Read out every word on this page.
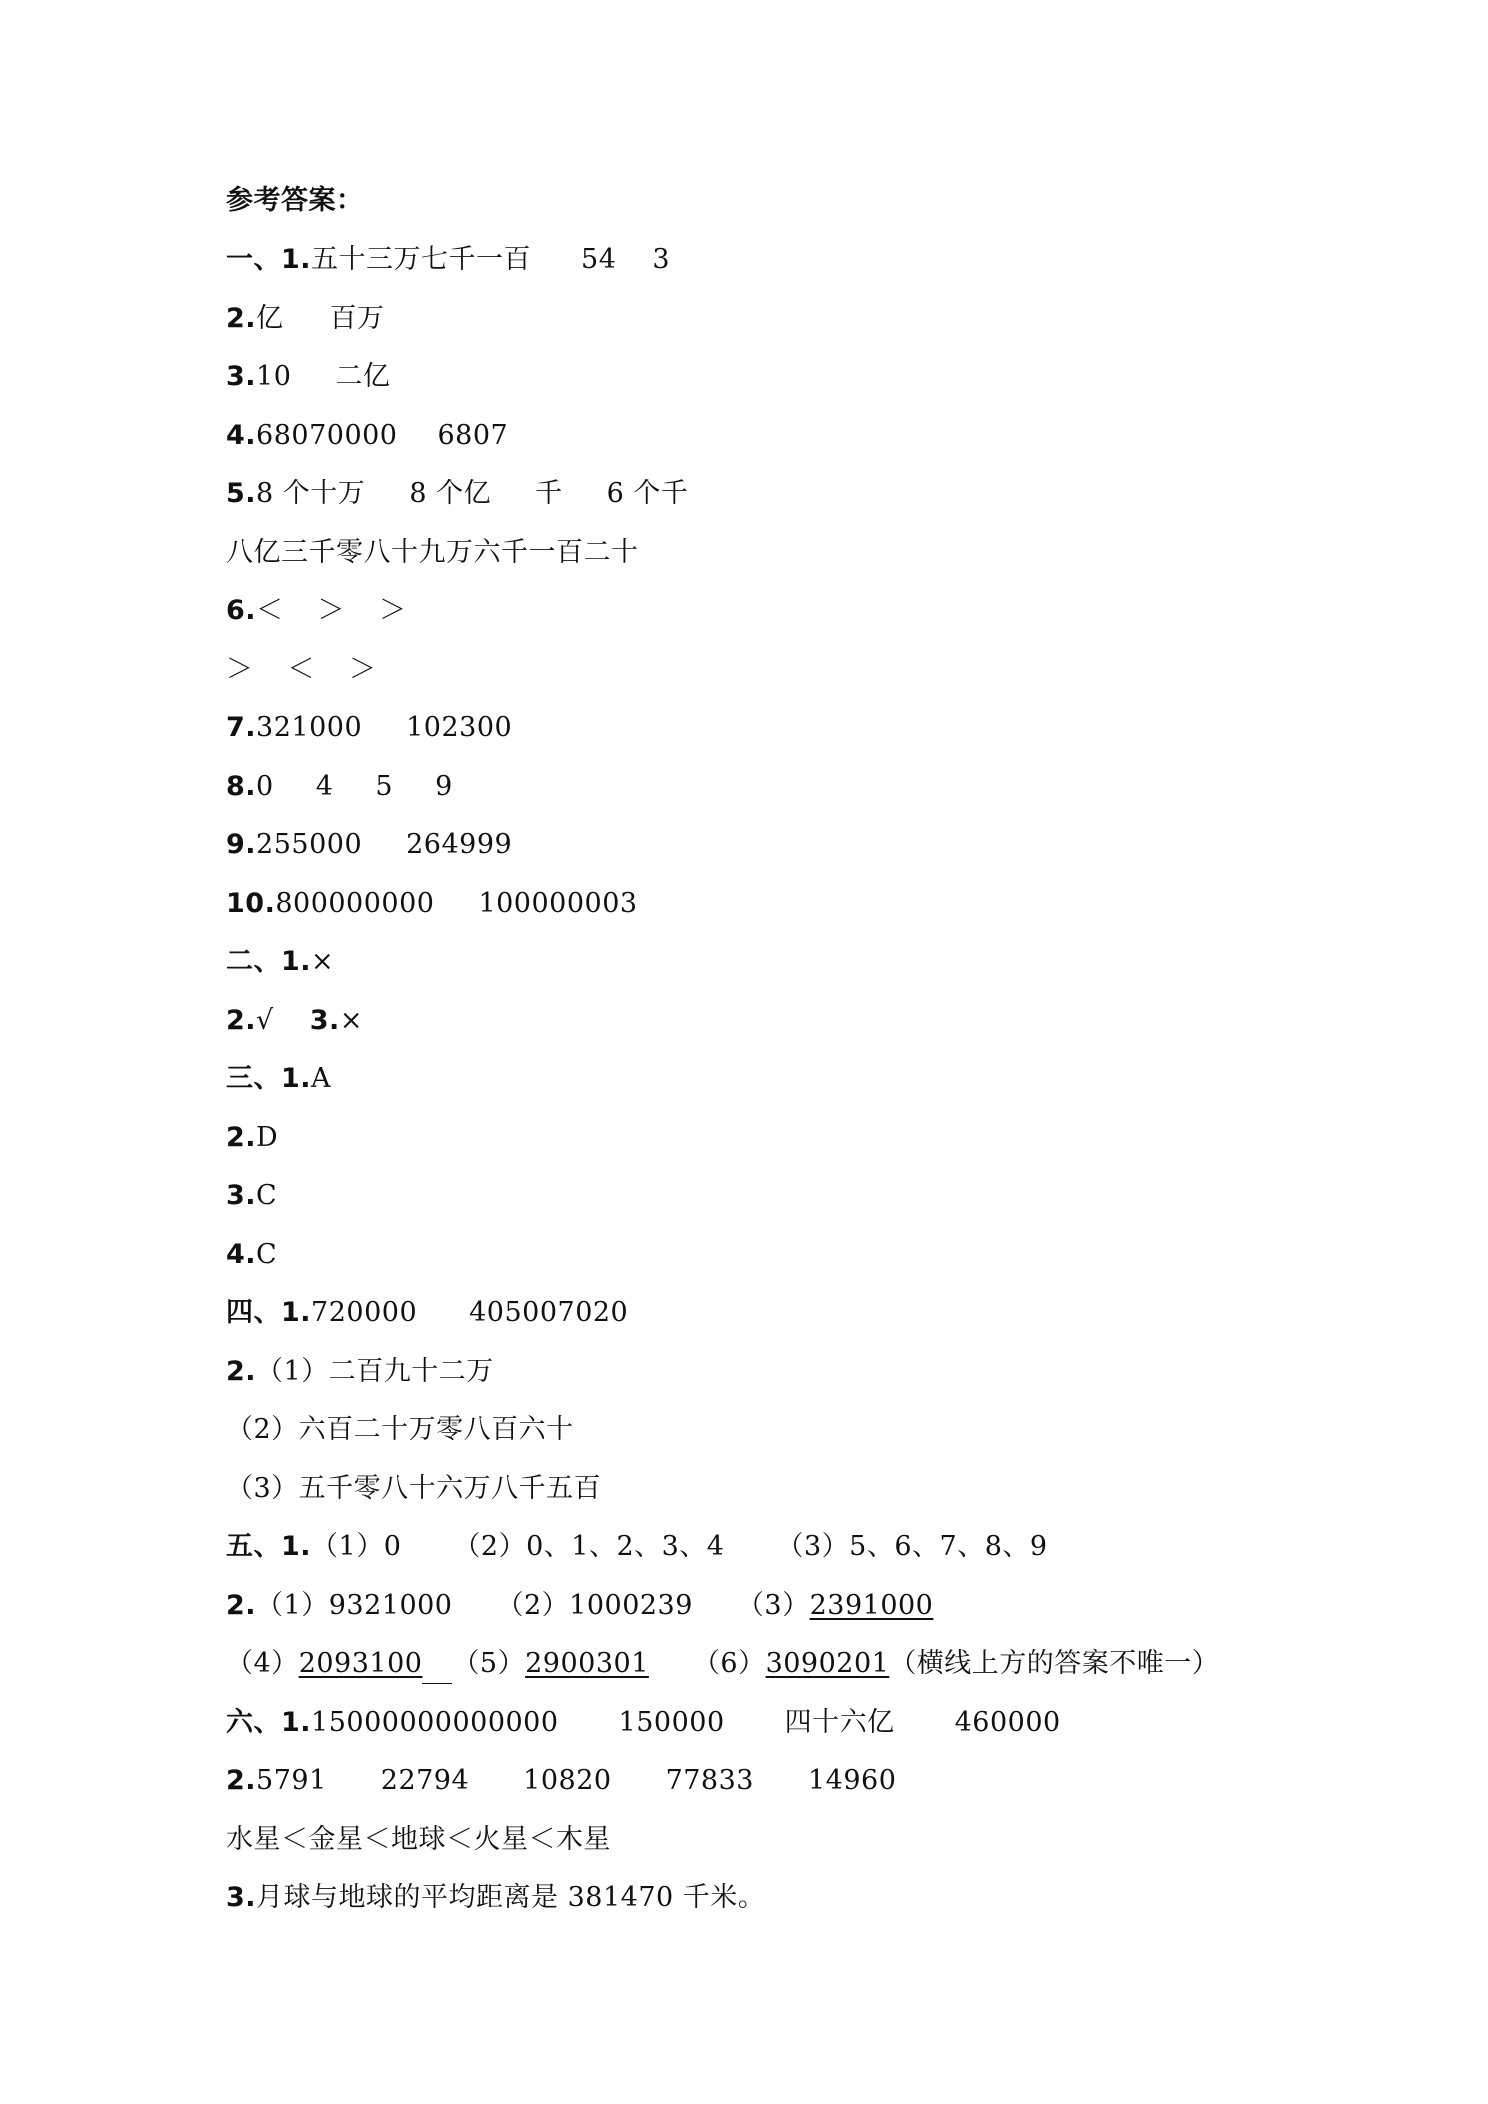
参考答案：
一、1.五十三万七千一百 54 3
2.亿 百万
3.10 二亿
4.68070000 6807
5.8 个十万 8 个亿 千 6 个千
八亿三千零八十九万六千一百二十
6.＜ ＞ ＞
＞ ＜ ＞
7.321000 102300
8.0 4 5 9
9.255000 264999
10.800000000 100000003
二、1.×
2.√ 3.×
三、1.A
2.D
3.C
4.C
四、1.720000 405007020
2.（1）二百九十二万
（2）六百二十万零八百六十
（3）五千零八十六万八千五百
五、1.（1）0 （2）0、1、2、3、4 （3）5、6、7、8、9
2.（1）9321000 （2）1000239 （3）2391000
（4）2093100 （5）2900301 （6）3090201（横线上方的答案不唯一）
六、1.15000000000000 150000 四十六亿 460000
2.5791 22794 10820 77833 14960
水星＜金星＜地球＜火星＜木星
3.月球与地球的平均距离是 381470 千米。
